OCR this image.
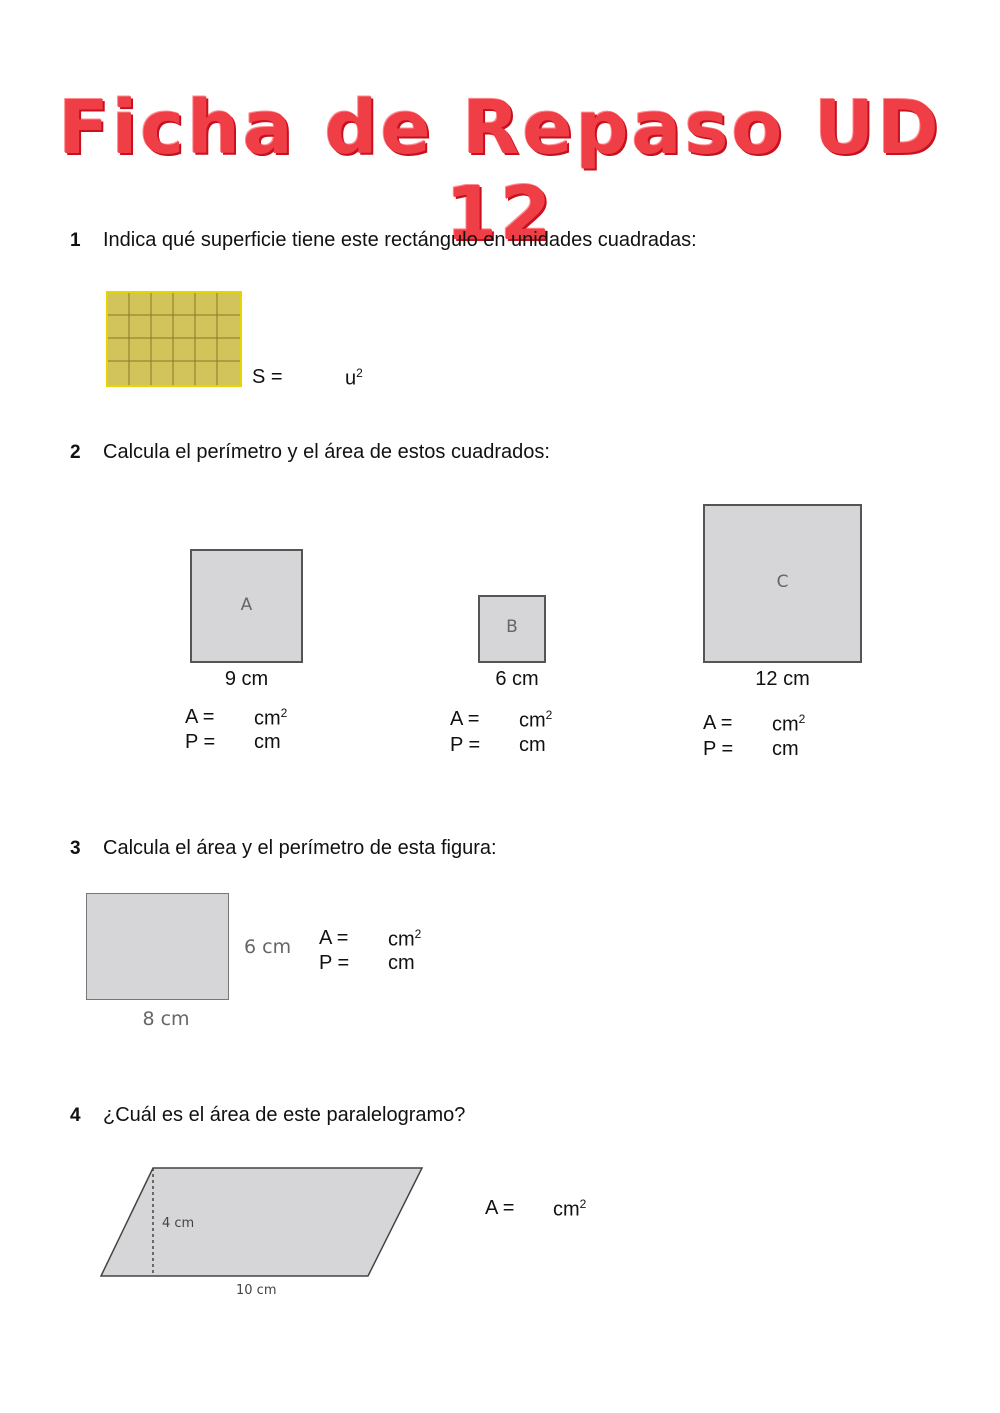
Ficha de Repaso UD 12
1 Indica qué superficie tiene este rectángulo en unidades cuadradas:
S =	$u^2$
2 Calcula el perímetro y el área de estos cuadrados:
A
9 cm
$A = cm^2$
P = cm
B
6 cm
$A = cm^2$
P = cm
C
12 cm
$A = cm^2$
P = cm
3 Calcula el área y el perímetro de esta figura:
6 cm
8 cm
$A = cm^2$
P = cm
4 ¿Cuál es el área de este paralelogramo?
4 cm
10 cm
$A = cm^2$
